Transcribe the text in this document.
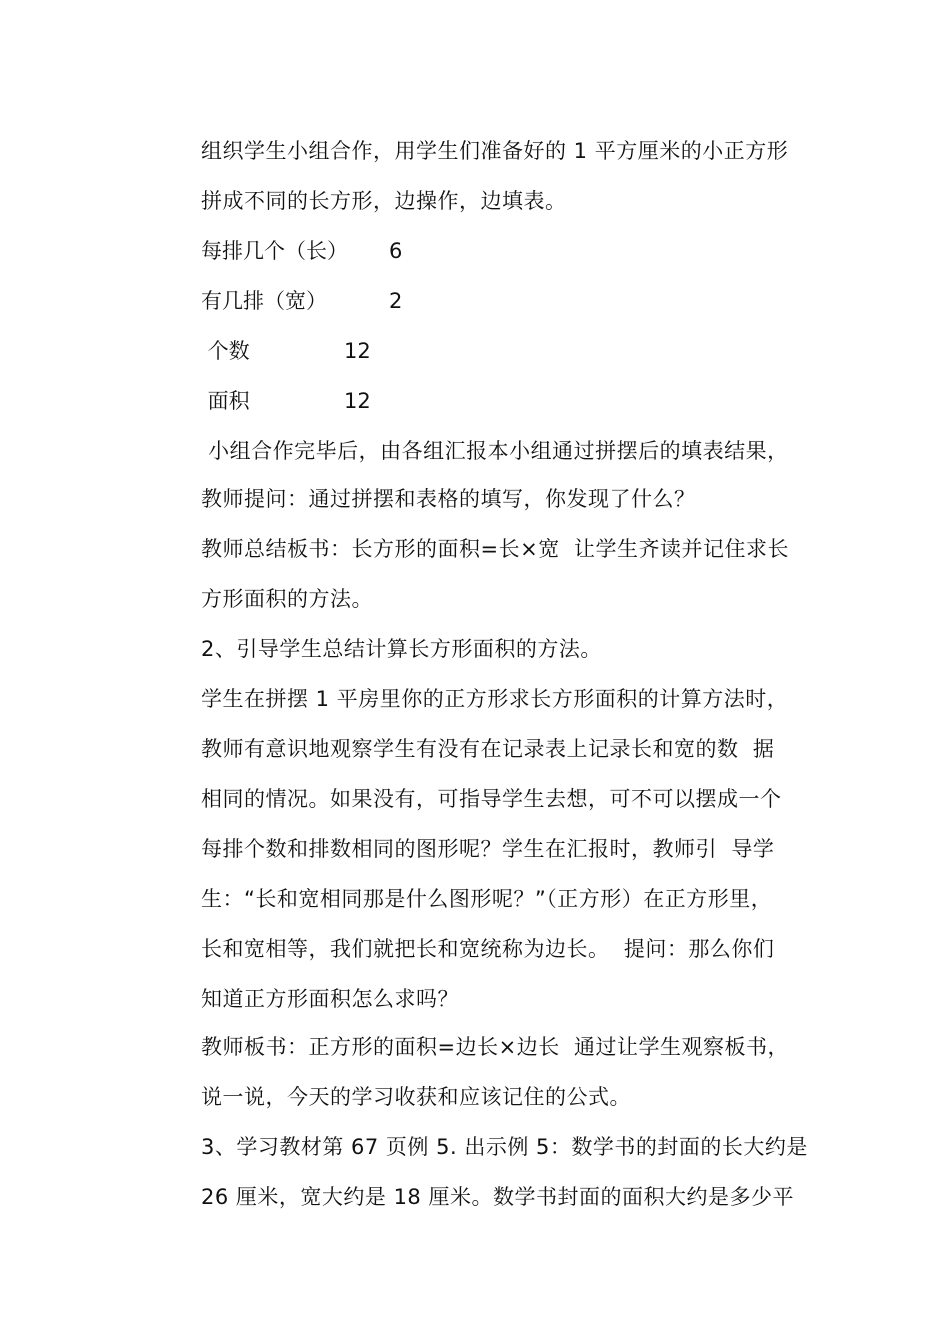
组织学生小组合作，用学生们准备好的 1 平方厘米的小正方形
拼成不同的长方形，边操作，边填表。
每排几个（长） 6
有几排（宽）	2
个数	12
面积	12
小组合作完毕后，由各组汇报本小组通过拼摆后的填表结果，
教师提问：通过拼摆和表格的填写，你发现了什么？
教师总结板书：长方形的面积=长×宽  让学生齐读并记住求长
方形面积的方法。
2、引导学生总结计算长方形面积的方法。
学生在拼摆 1 平房里你的正方形求长方形面积的计算方法时，
教师有意识地观察学生有没有在记录表上记录长和宽的数  据
相同的情况。如果没有，可指导学生去想，可不可以摆成一个
每排个数和排数相同的图形呢？学生在汇报时，教师引  导学
生：“长和宽相同那是什么图形呢？”（正方形）在正方形里，
长和宽相等，我们就把长和宽统称为边长。  提问：那么你们
知道正方形面积怎么求吗？
教师板书：正方形的面积=边长×边长  通过让学生观察板书，
说一说，今天的学习收获和应该记住的公式。
3、学习教材第 67 页例 5. 出示例 5：数学书的封面的长大约是
26 厘米，宽大约是 18 厘米。数学书封面的面积大约是多少平
